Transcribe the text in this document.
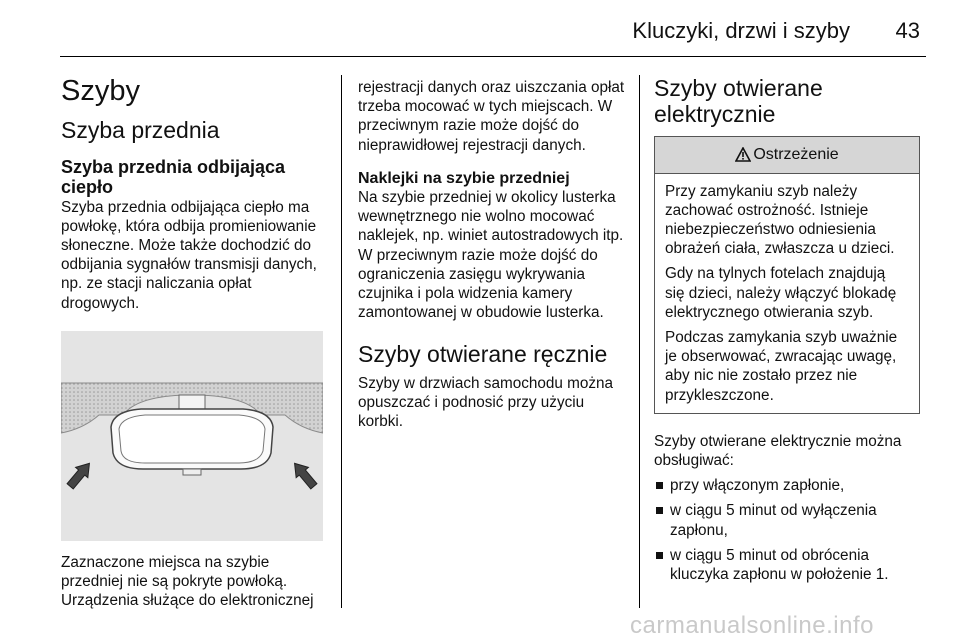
Kluczyki, drzwi i szyby 43
Szyby
Szyba przednia
Szyba przednia odbijająca ciepło

Szyba przednia odbijająca ciepło ma powłokę, która odbija promieniowanie słoneczne. Może także dochodzić do odbijania sygnałów transmisji danych, np. ze stacji naliczania opłat drogowych.

Zaznaczone miejsca na szybie przedniej nie są pokryte powłoką. Urządzenia służące do elektronicznej

rejestracji danych oraz uiszczania opłat trzeba mocować w tych miejscach. W przeciwnym razie może dojść do nieprawidłowej rejestracji danych.

Naklejki na szybie przedniej

Na szybie przedniej w okolicy lusterka wewnętrznego nie wolno mocować naklejek, np. winiet autostradowych itp. W przeciwnym razie może dojść do ograniczenia zasięgu wykrywania czujnika i pola widzenia kamery zamontowanej w obudowie lusterka.

Szyby otwierane ręcznie

Szyby w drzwiach samochodu można opuszczać i podnosić przy użyciu korbki.

Szyby otwierane elektrycznie
Ostrzeżenie

Przy zamykaniu szyb należy zachować ostrożność. Istnieje niebezpieczeństwo odniesienia obrażeń ciała, zwłaszcza u dzieci.

Gdy na tylnych fotelach znajdują się dzieci, należy włączyć blokadę elektrycznego otwierania szyb.

Podczas zamykania szyb uważnie je obserwować, zwracając uwagę, aby nic nie zostało przez nie przykleszczone.

Szyby otwierane elektrycznie można obsługiwać:

przy włączonym zapłonie,
w ciągu 5 minut od wyłączenia zapłonu,
w ciągu 5 minut od obrócenia kluczyka zapłonu w położenie 1.
carmanualsonline.info
